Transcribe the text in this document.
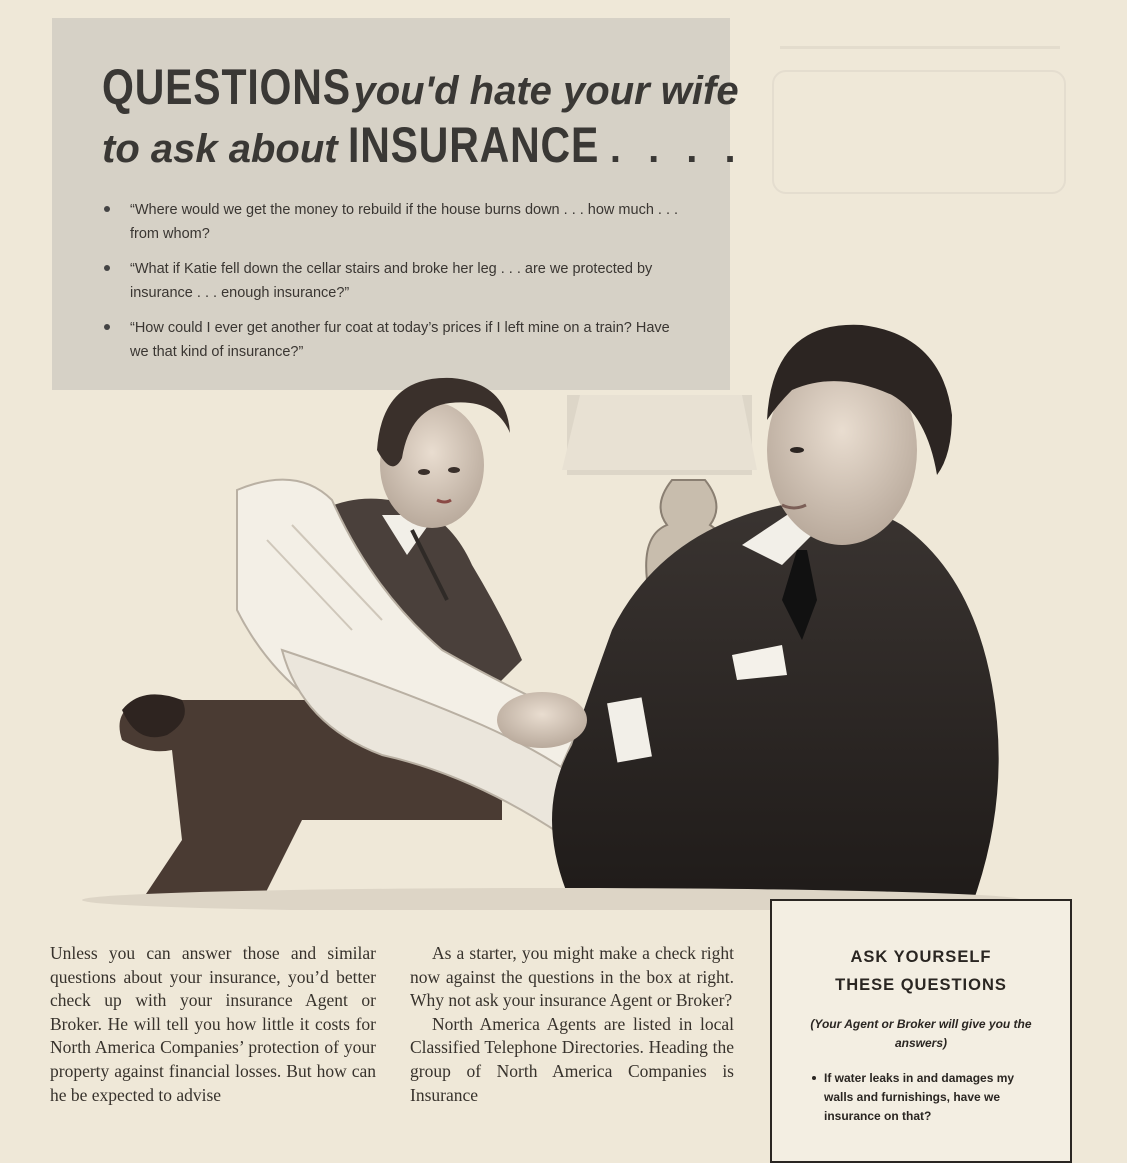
QUESTIONSyou'd hate your wife
to ask about INSURANCE . . . .
“Where would we get the money to rebuild if the house burns down . . . how much . . . from whom?
“What if Katie fell down the cellar stairs and broke her leg . . . are we protected by insurance . . . enough insurance?”
“How could I ever get another fur coat at today’s prices if I left mine on a train? Have we that kind of insurance?”

Unless you can answer those and similar questions about your insurance, you’d better check up with your insurance Agent or Broker. He will tell you how little it costs for North America Companies’ protection of your property against financial losses. But how can he be expected to advise

As a starter, you might make a check right now against the questions in the box at right. Why not ask your insurance Agent or Broker?

North America Agents are listed in local Classified Telephone Directories. Heading the group of North America Companies is Insurance

ASK YOURSELF
THESE QUESTIONS
(Your Agent or Broker will give you the answers)
If water leaks in and damages my walls and furnishings, have we insurance on that?
